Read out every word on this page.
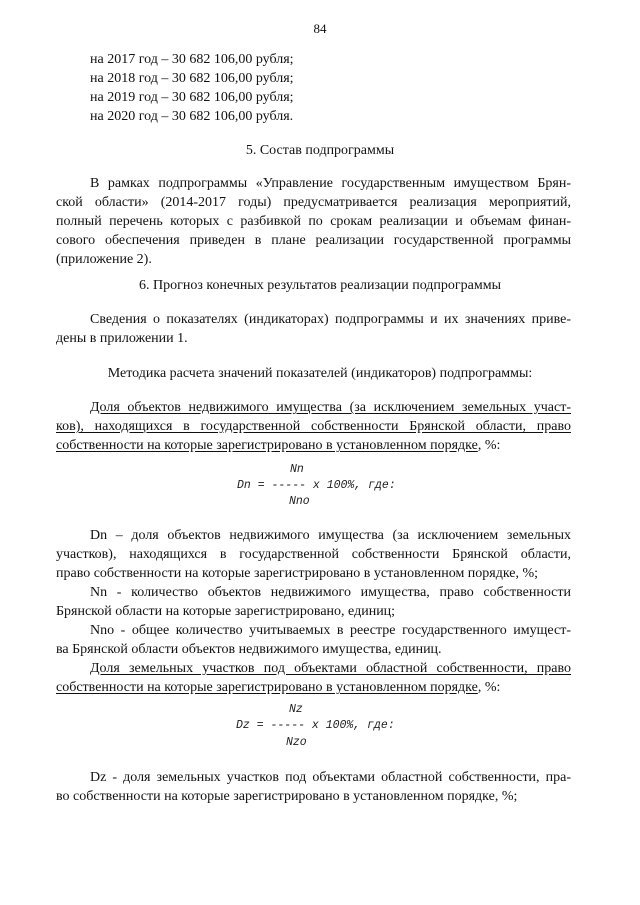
84
на 2017 год – 30 682 106,00 рубля;
на 2018 год – 30 682 106,00 рубля;
на 2019 год – 30 682 106,00 рубля;
на 2020 год – 30 682 106,00 рубля.
5. Состав подпрограммы
В рамках подпрограммы «Управление государственным имуществом Брян-
ской области» (2014-2017 годы) предусматривается реализация мероприятий,
полный перечень которых с разбивкой по срокам реализации и объемам финан-
сового обеспечения приведен в плане реализации государственной программы
(приложение 2).
6. Прогноз конечных результатов реализации подпрограммы
Сведения о показателях (индикаторах) подпрограммы и их значениях приве-
дены в приложении 1.
Методика расчета значений показателей (индикаторов) подпрограммы:
Доля объектов недвижимого имущества (за исключением земельных участ-
ков), находящихся в государственной собственности Брянской области, право
собственности на которые зарегистрировано в установленном порядке, %:
Nn
Dn = ----- x 100%, где:
Nno
Dn – доля объектов недвижимого имущества (за исключением земельных
участков), находящихся в государственной собственности Брянской области,
право собственности на которые зарегистрировано в установленном порядке, %;
Nn - количество объектов недвижимого имущества, право собственности
Брянской области на которые зарегистрировано, единиц;
Nno - общее количество учитываемых в реестре государственного имущест-
ва Брянской области объектов недвижимого имущества, единиц.
Доля земельных участков под объектами областной собственности, право
собственности на которые зарегистрировано в установленном порядке, %:
Nz
Dz = ----- x 100%, где:
Nzo
Dz - доля земельных участков под объектами областной собственности, пра-
во собственности на которые зарегистрировано в установленном порядке, %;
